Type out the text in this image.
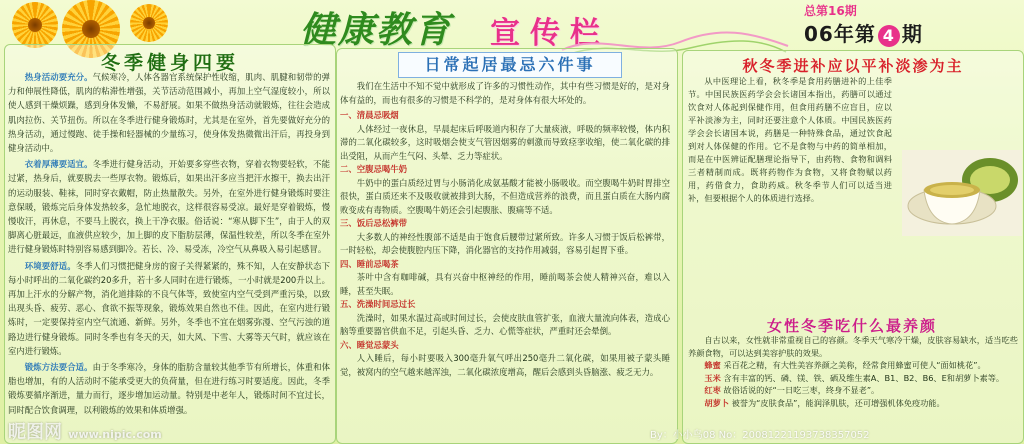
健康教育 宣传栏
总第16期
06年第 4 期
冬季健身四要

热身活动要充分。气候寒冷，人体各器官系统保护性收缩，肌肉、肌腱和韧带的弹力和伸展性降低，肌肉的粘滞性增强，关节活动范围减小，再加上空气湿度较小，所以使人感到干燥烦躁，感到身体发懒，不易舒展。如果不做热身活动就锻炼，往往会造成肌肉拉伤、关节扭伤。所以在冬季进行健身锻炼时，尤其是在室外，首先要做好充分的热身活动，通过慢跑、徒手操和轻器械的少量练习，使身体发热微微出汗后，再投身到健身活动中。

衣着厚薄要适宜。冬季进行健身活动，开始要多穿些衣物，穿着衣物要轻软，不能过紧，热身后，就要脱去一些厚衣物。锻炼后，如果出汗多应当把汗水擦干，换去出汗的运动服装、鞋袜，同时穿衣戴帽，防止热量散失。另外，在室外进行健身锻炼时要注意保暖，锻炼完后身体发热较多，急忙地脱衣，这样很容易受凉。最好是穿着锻炼，慢慢收汗，再休息，不要马上脱衣，换上干净衣服。俗话说：“寒从脚下生”，由于人的双脚离心脏最远，血液供应较少，加上脚的皮下脂肪层薄，保温性较差，所以冬季在室外进行健身锻炼时特别容易感到脚冷。若长、冷、易受冻，冷空气从鼻吸入易引起感冒。

环境要舒适。冬季人们习惯把健身房的窗子关得紧紧的，殊不知，人在安静状态下每小时呼出的二氧化碳约20多升，若十多人同时在进行锻炼，一小时就是200升以上。再加上汗水的分解产物，消化道排除的不良气体等，致使室内空气受到严重污染，以致出现头昏、疲劳、恶心、食欲不振等现象，锻炼效果自然也不佳。因此，在室内进行锻炼时，一定要保持室内空气流通、新鲜。另外，冬季也不宜在烟雾弥漫、空气污浊的道路边进行健身锻炼。同时冬季也有冬天的天，如大风、下雪、大雾等天气时，就应该在室内进行锻炼。

锻炼方法要合适。由于冬季寒冷，身体的脂肪含量较其他季节有所增长，体重和体脂也增加，有的人活动时不能承受更大的负荷量，但在进行练习时要适度。因此，冬季锻炼要循序渐进，量力而行，逐步增加运动量。特别是中老年人，锻炼时间不宜过长，同时配合饮食调理，以利锻炼的效果和体质增强。

日常起居最忌六件事

我们在生活中不知不觉中就形成了许多的习惯性动作，其中有些习惯是好的，是对身体有益的，而也有很多的习惯是不科学的，是对身体有很大坏处的。

一、清晨忌吸烟

人体经过一夜休息，早晨起床后呼吸道内积存了大量痰液，呼吸的频率较慢，体内积滞的二氧化碳较多，这时吸烟会使支气管因烟雾的刺激而导致痉挛收缩，使二氧化碳的排出受阻，从而产生气闷、头晕、乏力等症状。

二、空腹忌喝牛奶

牛奶中的蛋白质经过胃与小肠消化成氨基酸才能被小肠吸收。而空腹喝牛奶时胃排空很快，蛋白质还来不及吸收就被排到大肠，不但造成营养的浪费，而且蛋白质在大肠内腐败变成有毒物质。空腹喝牛奶还会引起腹胀、腹痛等不适。

三、饭后忌松裤带

大多数人的神经性腹部不适是由于饱食后腰带过紧所致。许多人习惯于饭后松裤带，一时轻松，却会使腹腔内压下降，消化器官的支持作用减弱，容易引起胃下垂。

四、睡前忌喝茶

茶叶中含有咖啡碱，具有兴奋中枢神经的作用，睡前喝茶会使人精神兴奋，难以入睡，甚至失眠。

五、洗澡时间忌过长

洗澡时，如果水温过高或时间过长，会使皮肤血管扩张，血液大量流向体表，造成心脑等重要器官供血不足，引起头昏、乏力、心慌等症状，严重时还会晕倒。

六、睡觉忌蒙头

人入睡后，每小时要吸入300毫升氧气呼出250毫升二氧化碳，如果用被子蒙头睡觉，被窝内的空气越来越浑浊，二氧化碳浓度增高，醒后会感到头昏脑涨、疲乏无力。

秋冬季进补应以平补淡渗为主

从中医理论上看，秋冬季是食用药膳进补的上佳季节。中国民族医药学会会长诸国本指出，药膳可以通过饮食对人体起到保健作用，但食用药膳不应盲目，应以平补淡渗为主，同时还要注意个人体质。中国民族医药学会会长诸国本说，药膳是一种特殊食品，通过饮食起到对人体保健的作用。它不是食物与中药的简单相加，而是在中医辨证配膳理论指导下，由药物、食物和调料三者精制而成。既将药物作为食物，又将食物赋以药用，药借食力，食助药威。秋冬季节人们可以适当进补，但要根据个人的体质进行选择。

女性冬季吃什么最养颜

自古以来，女性就非常重视自己的容颜。冬季天气寒冷干燥，皮肤容易缺水，适当吃些养颜食物，可以达到美容护肤的效果。

蜂蜜 采百花之精，有大性美容养颜之美称，经常食用蜂蜜可使人“面如桃花”。

玉米 含有丰富的钙、磷、镁、铁、硒及维生素A、B1、B2、B6、E和胡萝卜素等。

红枣 故俗话说的好“一日吃三枣，终身不显老”。

胡萝卜 被誉为“皮肤食品”，能润泽肌肤，还可增强机体免疫功能。

昵图网 www.nipic.com	By：小小鸟08 No：20081221193738357052
